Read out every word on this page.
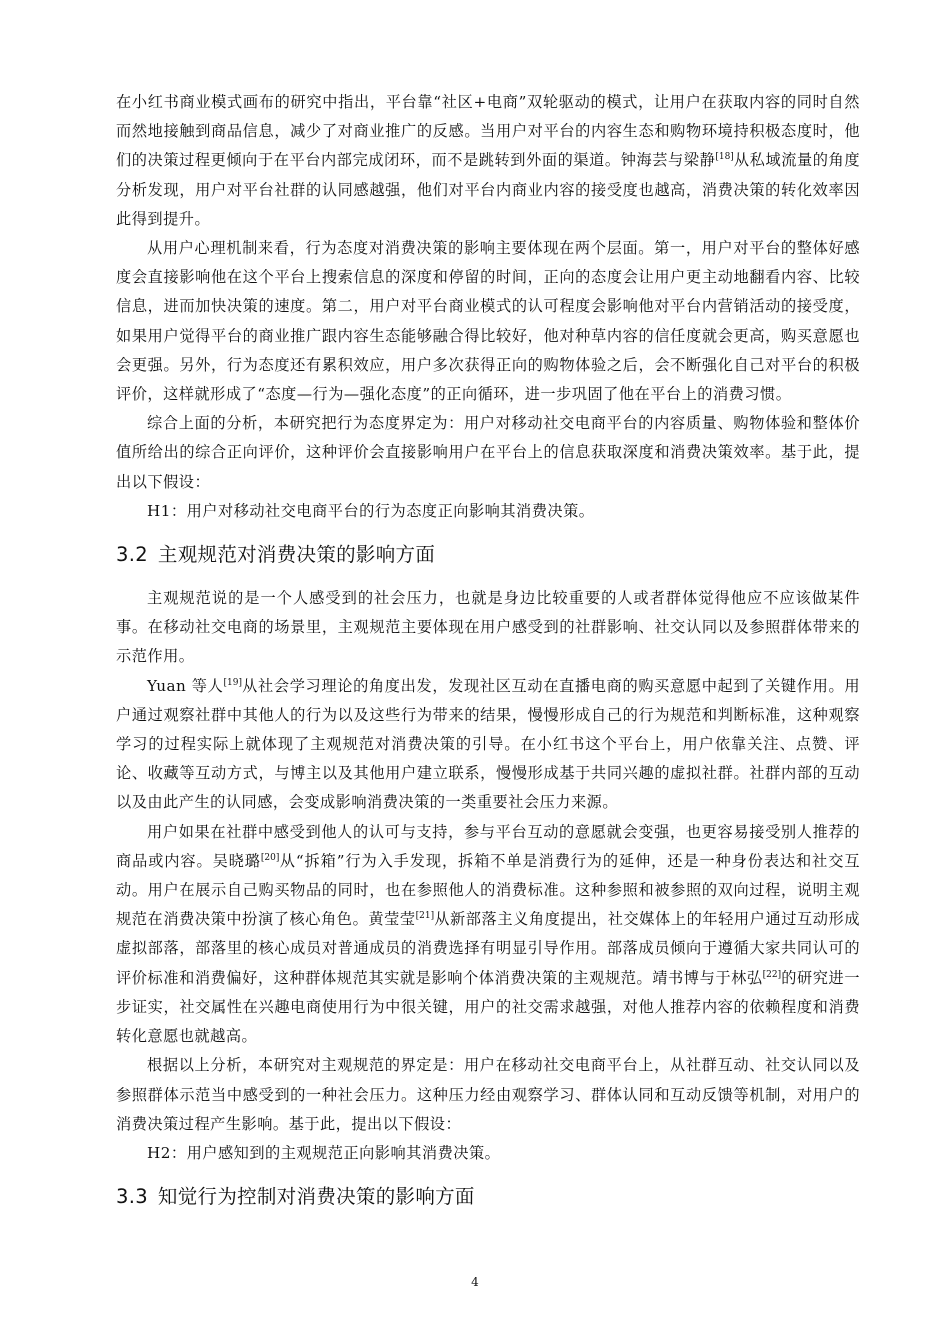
在小红书商业模式画布的研究中指出，平台靠“社区+电商”双轮驱动的模式，让用户在获取内容的同时自然而然地接触到商品信息，减少了对商业推广的反感。当用户对平台的内容生态和购物环境持积极态度时，他们的决策过程更倾向于在平台内部完成闭环，而不是跳转到外面的渠道。钟海芸与梁静[18]从私域流量的角度分析发现，用户对平台社群的认同感越强，他们对平台内商业内容的接受度也越高，消费决策的转化效率因此得到提升。

从用户心理机制来看，行为态度对消费决策的影响主要体现在两个层面。第一，用户对平台的整体好感度会直接影响他在这个平台上搜索信息的深度和停留的时间，正向的态度会让用户更主动地翻看内容、比较信息，进而加快决策的速度。第二，用户对平台商业模式的认可程度会影响他对平台内营销活动的接受度，如果用户觉得平台的商业推广跟内容生态能够融合得比较好，他对种草内容的信任度就会更高，购买意愿也会更强。另外，行为态度还有累积效应，用户多次获得正向的购物体验之后，会不断强化自己对平台的积极评价，这样就形成了“态度—行为—强化态度”的正向循环，进一步巩固了他在平台上的消费习惯。

综合上面的分析，本研究把行为态度界定为：用户对移动社交电商平台的内容质量、购物体验和整体价值所给出的综合正向评价，这种评价会直接影响用户在平台上的信息获取深度和消费决策效率。基于此，提出以下假设：

H1：用户对移动社交电商平台的行为态度正向影响其消费决策。

3.2 主观规范对消费决策的影响方面

主观规范说的是一个人感受到的社会压力，也就是身边比较重要的人或者群体觉得他应不应该做某件事。在移动社交电商的场景里，主观规范主要体现在用户感受到的社群影响、社交认同以及参照群体带来的示范作用。

Yuan 等人[19]从社会学习理论的角度出发，发现社区互动在直播电商的购买意愿中起到了关键作用。用户通过观察社群中其他人的行为以及这些行为带来的结果，慢慢形成自己的行为规范和判断标准，这种观察学习的过程实际上就体现了主观规范对消费决策的引导。在小红书这个平台上，用户依靠关注、点赞、评论、收藏等互动方式，与博主以及其他用户建立联系，慢慢形成基于共同兴趣的虚拟社群。社群内部的互动以及由此产生的认同感，会变成影响消费决策的一类重要社会压力来源。

用户如果在社群中感受到他人的认可与支持，参与平台互动的意愿就会变强，也更容易接受别人推荐的商品或内容。吴晓璐[20]从“拆箱”行为入手发现，拆箱不单是消费行为的延伸，还是一种身份表达和社交互动。用户在展示自己购买物品的同时，也在参照他人的消费标准。这种参照和被参照的双向过程，说明主观规范在消费决策中扮演了核心角色。黄莹莹[21]从新部落主义角度提出，社交媒体上的年轻用户通过互动形成虚拟部落，部落里的核心成员对普通成员的消费选择有明显引导作用。部落成员倾向于遵循大家共同认可的评价标准和消费偏好，这种群体规范其实就是影响个体消费决策的主观规范。靖书博与于林弘[22]的研究进一步证实，社交属性在兴趣电商使用行为中很关键，用户的社交需求越强，对他人推荐内容的依赖程度和消费转化意愿也就越高。

根据以上分析，本研究对主观规范的界定是：用户在移动社交电商平台上，从社群互动、社交认同以及参照群体示范当中感受到的一种社会压力。这种压力经由观察学习、群体认同和互动反馈等机制，对用户的消费决策过程产生影响。基于此，提出以下假设：

H2：用户感知到的主观规范正向影响其消费决策。

3.3 知觉行为控制对消费决策的影响方面
4
